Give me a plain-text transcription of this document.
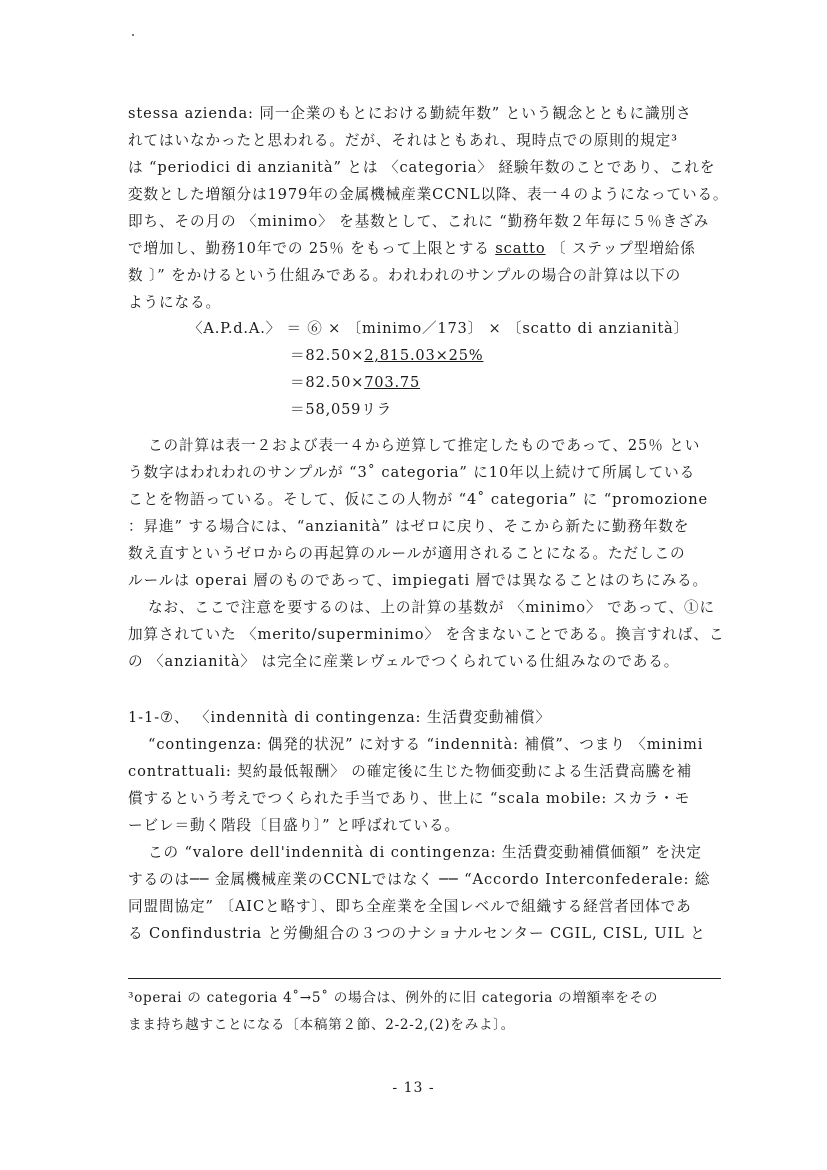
stessa azienda: 同一企業のもとにおける勤続年数” という観念とともに識別さ
れてはいなかったと思われる。だが、それはともあれ、現時点での原則的規定³
は “periodici di anzianità” とは 〈categoria〉 経験年数のことであり、これを
変数とした増額分は1979年の金属機械産業CCNL以降、表一４のようになっている。
即ち、その月の 〈minimo〉 を基数として、これに “勤務年数２年毎に５％きざみ
で増加し、勤務10年での 25％ をもって上限とする scatto 〔 ステップ型増給係
数 〕” をかけるという仕組みである。われわれのサンプルの場合の計算は以下の
ようになる。
〈A.P.d.A.〉 ＝ ⑥ × 〔minimo／173〕 × 〔scatto di anzianità〕
＝82.50×2,815.03×25%
＝82.50×703.75
＝58,059リラ
この計算は表一２および表一４から逆算して推定したものであって、25％ とい
う数字はわれわれのサンプルが “3˚ categoria” に10年以上続けて所属している
ことを物語っている。そして、仮にこの人物が “4˚ categoria” に “promozione
：昇進” する場合には、“anzianità” はゼロに戻り、そこから新たに勤務年数を
数え直すというゼロからの再起算のルールが適用されることになる。ただしこの
ルールは operai 層のものであって、impiegati 層では異なることはのちにみる。
なお、ここで注意を要するのは、上の計算の基数が 〈minimo〉 であって、①に
加算されていた 〈merito/superminimo〉 を含まないことである。換言すれば、こ
の 〈anzianità〉 は完全に産業レヴェルでつくられている仕組みなのである。
1-1-⑦、 〈indennità di contingenza: 生活費変動補償〉
“contingenza: 偶発的状況” に対する “indennità: 補償”、つまり 〈minimi
contrattuali: 契約最低報酬〉 の確定後に生じた物価変動による生活費高騰を補
償するという考えでつくられた手当であり、世上に “scala mobile: スカラ・モ
ービレ＝動く階段〔目盛り〕” と呼ばれている。
この “valore dell'indennità di contingenza: 生活費変動補償価額” を決定
するのは── 金属機械産業のCCNLではなく ── “Accordo Interconfederale: 総
同盟間協定” 〔AICと略す〕、即ち全産業を全国レベルで組織する経営者団体であ
る Confindustria と労働組合の３つのナショナルセンター CGIL, CISL, UIL と
³operai の categoria 4˚→5˚ の場合は、例外的に旧 categoria の増額率をその
まま持ち越すことになる〔本稿第２節、2-2-2,(2)をみよ〕。
- 13 -
